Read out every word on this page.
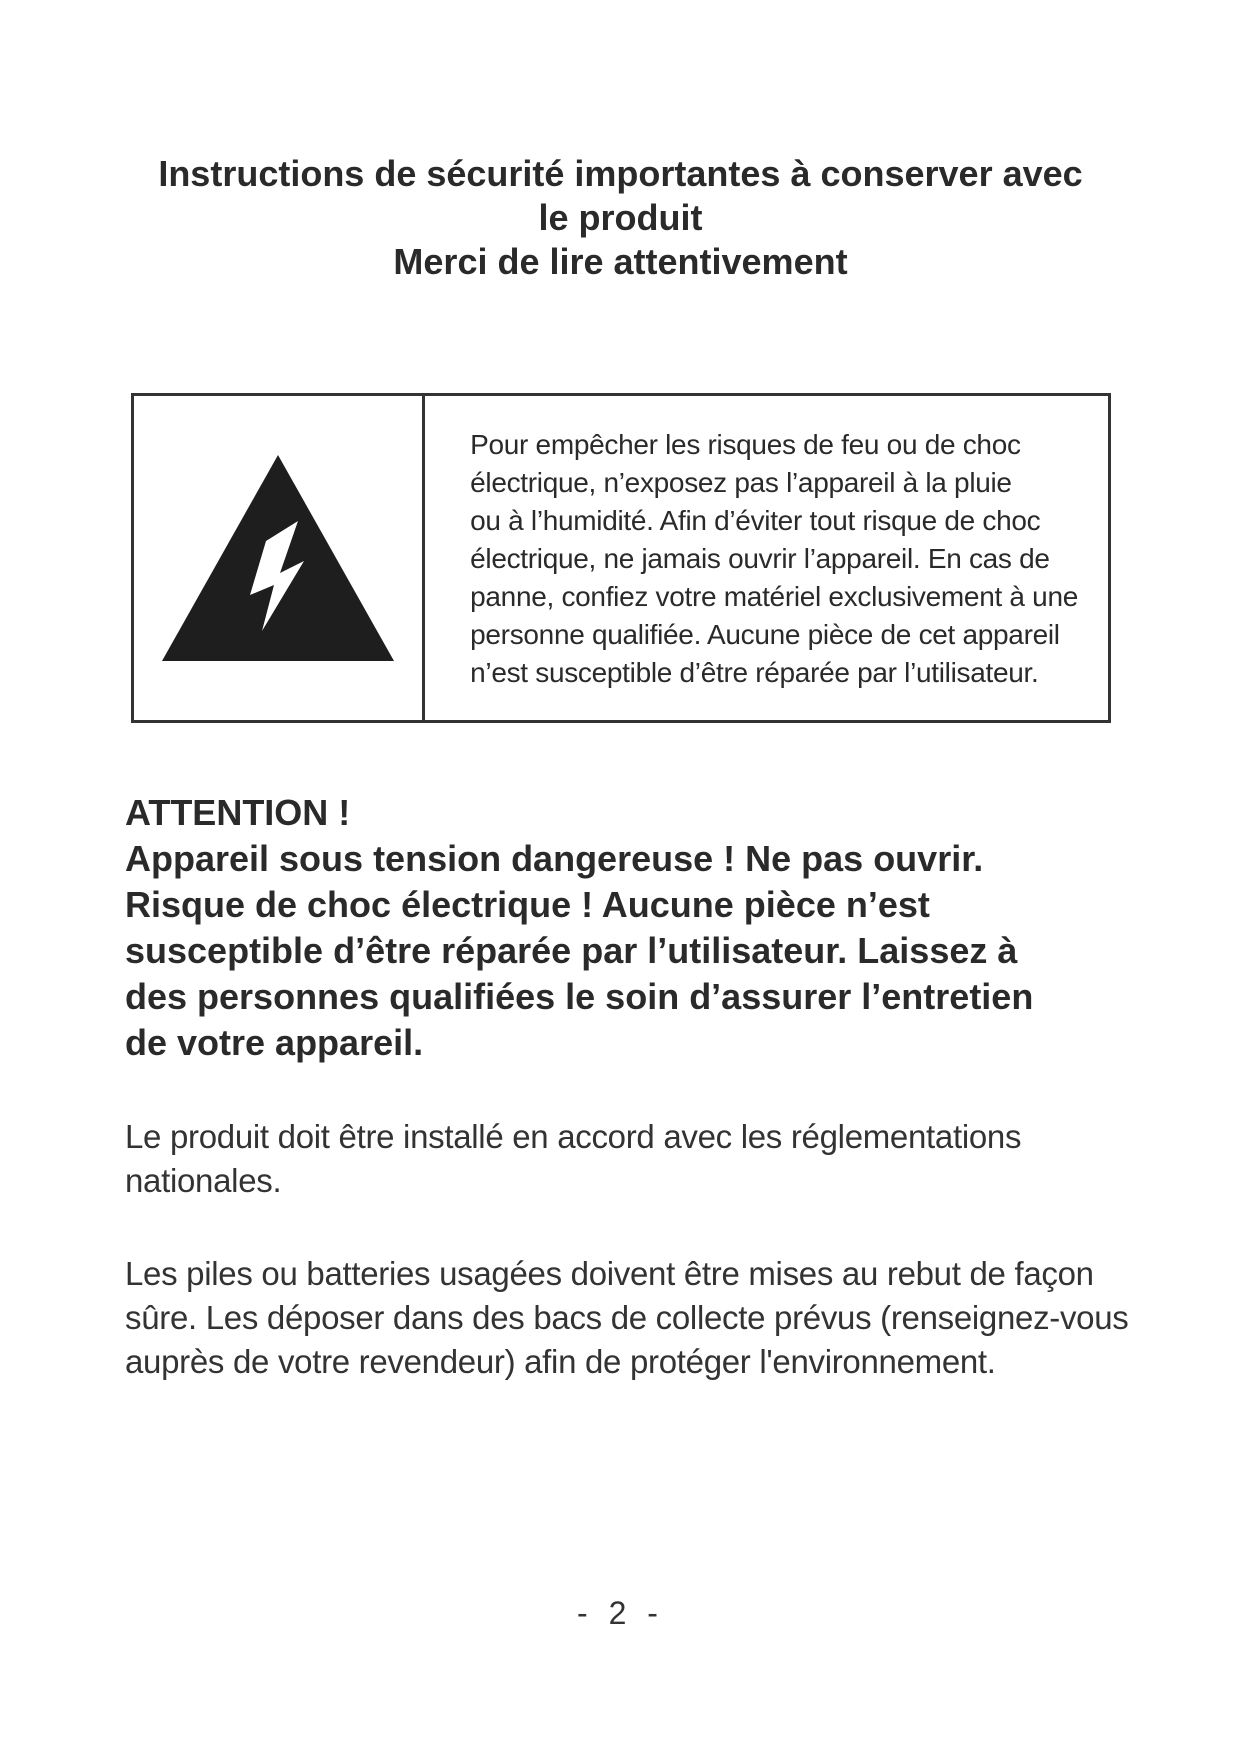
Instructions de sécurité importantes à conserver avec
le produit
Merci de lire attentivement
Pour empêcher les risques de feu ou de choc
électrique, n’exposez pas l’appareil à la pluie
ou à l’humidité. Afin d’éviter tout risque de choc
électrique, ne jamais ouvrir l’appareil. En cas de
panne, confiez votre matériel exclusivement à une
personne qualifiée. Aucune pièce de cet appareil
n’est susceptible d’être réparée par l’utilisateur.
ATTENTION !
Appareil sous tension dangereuse ! Ne pas ouvrir.
Risque de choc électrique ! Aucune pièce n’est
susceptible d’être réparée par l’utilisateur. Laissez à
des personnes qualifiées le soin d’assurer l’entretien
de votre appareil.
Le produit doit être installé en accord avec les réglementations
nationales.
Les piles ou batteries usagées doivent être mises au rebut de façon
sûre. Les déposer dans des bacs de collecte prévus (renseignez-vous
auprès de votre revendeur) afin de protéger l'environnement.
- 2 -
